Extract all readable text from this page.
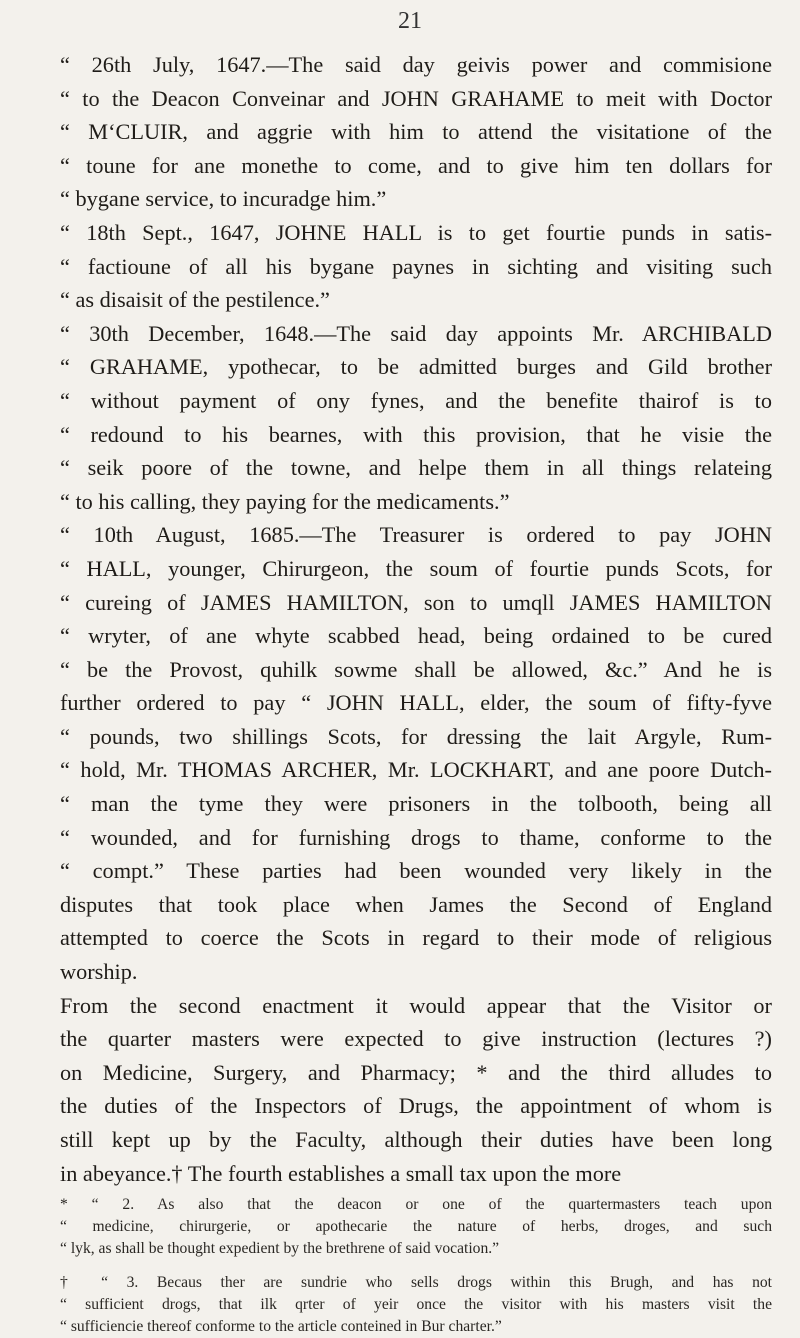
21
“ 26th July, 1647.—The said day geivis power and commisione
“ to the Deacon Conveinar and JOHN GRAHAME to meit with Doctor
“ M‘CLUIR, and aggrie with him to attend the visitatione of the
“ toune for ane monethe to come, and to give him ten dollars for
“ bygane service, to incuradge him.”
“ 18th Sept., 1647, JOHNE HALL is to get fourtie punds in satis-
“ factioune of all his bygane paynes in sichting and visiting such
“ as disaisit of the pestilence.”
“ 30th December, 1648.—The said day appoints Mr. ARCHIBALD
“ GRAHAME, ypothecar, to be admitted burges and Gild brother
“ without payment of ony fynes, and the benefite thairof is to
“ redound to his bearnes, with this provision, that he visie the
“ seik poore of the towne, and helpe them in all things relateing
“ to his calling, they paying for the medicaments.”
“ 10th August, 1685.—The Treasurer is ordered to pay JOHN
“ HALL, younger, Chirurgeon, the soum of fourtie punds Scots, for
“ cureing of JAMES HAMILTON, son to umqll JAMES HAMILTON
“ wryter, of ane whyte scabbed head, being ordained to be cured
“ be the Provost, quhilk sowme shall be allowed, &c.” And he is
further ordered to pay “ JOHN HALL, elder, the soum of fifty-fyve
“ pounds, two shillings Scots, for dressing the lait Argyle, Rum-
“ hold, Mr. THOMAS ARCHER, Mr. LOCKHART, and ane poore Dutch-
“ man the tyme they were prisoners in the tolbooth, being all
“ wounded, and for furnishing drogs to thame, conforme to the
“ compt.” These parties had been wounded very likely in the
disputes that took place when James the Second of England
attempted to coerce the Scots in regard to their mode of religious
worship.
From the second enactment it would appear that the Visitor or
the quarter masters were expected to give instruction (lectures ?)
on Medicine, Surgery, and Pharmacy; * and the third alludes to
the duties of the Inspectors of Drugs, the appointment of whom is
still kept up by the Faculty, although their duties have been long
in abeyance.† The fourth establishes a small tax upon the more
* “ 2. As also that the deacon or one of the quartermasters teach upon
“ medicine, chirurgerie, or apothecarie the nature of herbs, droges, and such
“ lyk, as shall be thought expedient by the brethrene of said vocation.”
† “ 3. Becaus ther are sundrie who sells drogs within this Brugh, and has not
“ sufficient drogs, that ilk qrter of yeir once the visitor with his masters visit the
“ sufficiencie thereof conforme to the article conteined in Bur charter.”
